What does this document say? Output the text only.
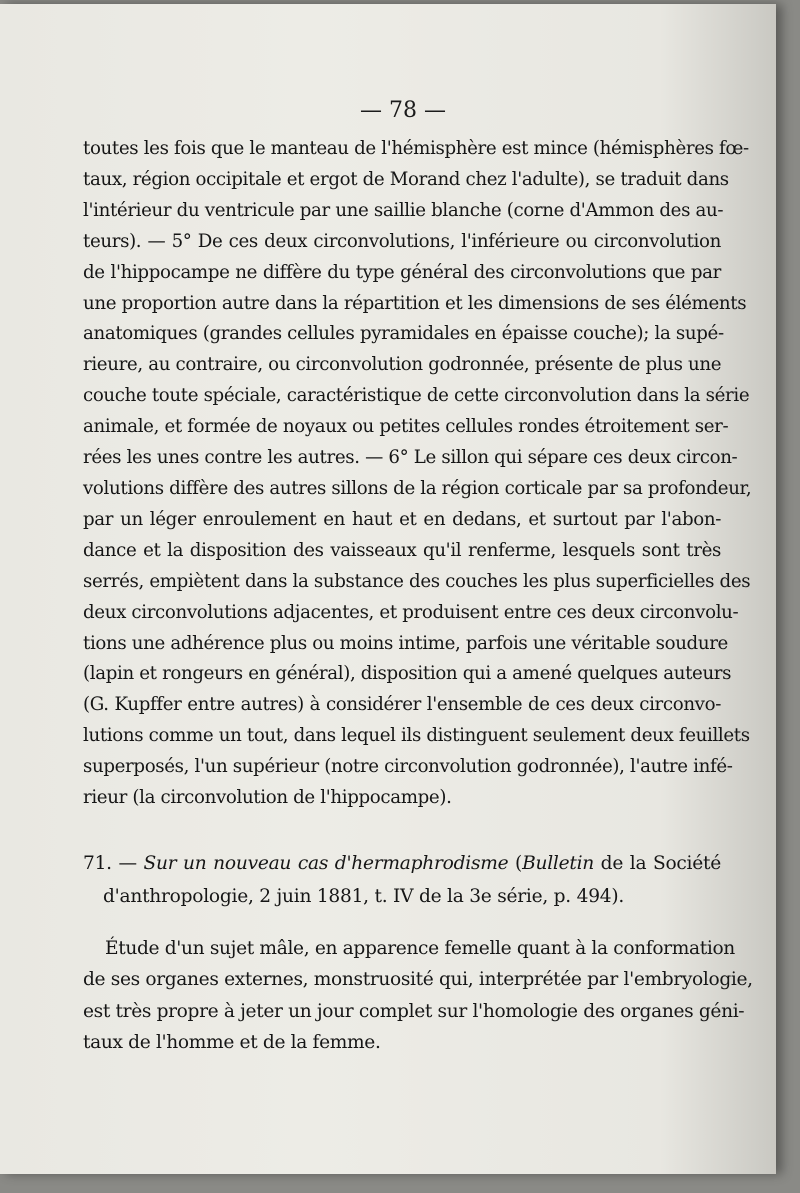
— 78 —
toutes les fois que le manteau de l'hémisphère est mince (hémisphères fœ-
taux, région occipitale et ergot de Morand chez l'adulte), se traduit dans
l'intérieur du ventricule par une saillie blanche (corne d'Ammon des au-
teurs). — 5° De ces deux circonvolutions, l'inférieure ou circonvolution
de l'hippocampe ne diffère du type général des circonvolutions que par
une proportion autre dans la répartition et les dimensions de ses éléments
anatomiques (grandes cellules pyramidales en épaisse couche); la supé-
rieure, au contraire, ou circonvolution godronnée, présente de plus une
couche toute spéciale, caractéristique de cette circonvolution dans la série
animale, et formée de noyaux ou petites cellules rondes étroitement ser-
rées les unes contre les autres. — 6° Le sillon qui sépare ces deux circon-
volutions diffère des autres sillons de la région corticale par sa profondeur,
par un léger enroulement en haut et en dedans, et surtout par l'abon-
dance et la disposition des vaisseaux qu'il renferme, lesquels sont très
serrés, empiètent dans la substance des couches les plus superficielles des
deux circonvolutions adjacentes, et produisent entre ces deux circonvolu-
tions une adhérence plus ou moins intime, parfois une véritable soudure
(lapin et rongeurs en général), disposition qui a amené quelques auteurs
(G. Kupffer entre autres) à considérer l'ensemble de ces deux circonvo-
lutions comme un tout, dans lequel ils distinguent seulement deux feuillets
superposés, l'un supérieur (notre circonvolution godronnée), l'autre infé-
rieur (la circonvolution de l'hippocampe).
71. — Sur un nouveau cas d'hermaphrodisme (Bulletin de la Société
d'anthropologie, 2 juin 1881, t. IV de la 3e série, p. 494).
Étude d'un sujet mâle, en apparence femelle quant à la conformation
de ses organes externes, monstruosité qui, interprétée par l'embryologie,
est très propre à jeter un jour complet sur l'homologie des organes géni-
taux de l'homme et de la femme.
